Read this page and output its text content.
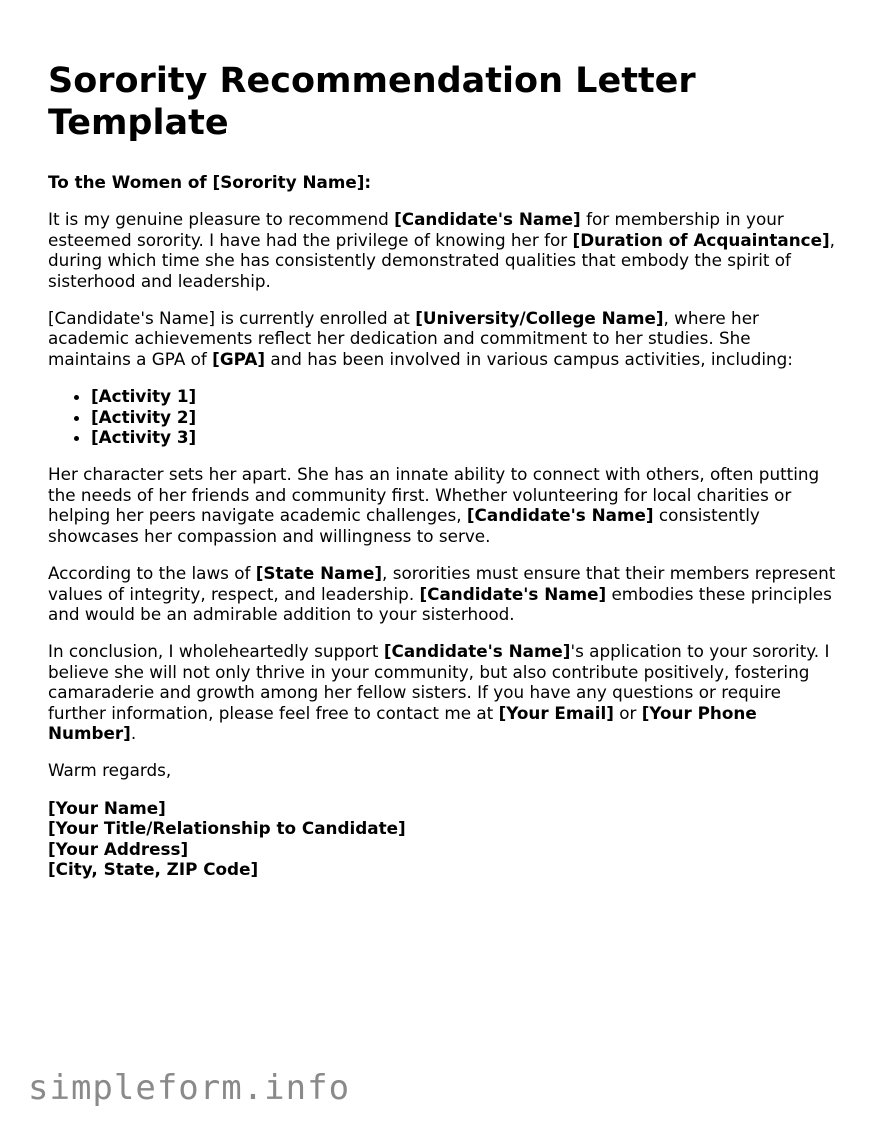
Sorority Recommendation Letter Template

To the Women of [Sorority Name]:

It is my genuine pleasure to recommend [Candidate's Name] for membership in your esteemed sorority. I have had the privilege of knowing her for [Duration of Acquaintance], during which time she has consistently demonstrated qualities that embody the spirit of sisterhood and leadership.

[Candidate's Name] is currently enrolled at [University/College Name], where her academic achievements reflect her dedication and commitment to her studies. She maintains a GPA of [GPA] and has been involved in various campus activities, including:

• [Activity 1]
• [Activity 2]
• [Activity 3]

Her character sets her apart. She has an innate ability to connect with others, often putting the needs of her friends and community first. Whether volunteering for local charities or helping her peers navigate academic challenges, [Candidate's Name] consistently showcases her compassion and willingness to serve.

According to the laws of [State Name], sororities must ensure that their members represent values of integrity, respect, and leadership. [Candidate's Name] embodies these principles and would be an admirable addition to your sisterhood.

In conclusion, I wholeheartedly support [Candidate's Name]'s application to your sorority. I believe she will not only thrive in your community, but also contribute positively, fostering camaraderie and growth among her fellow sisters. If you have any questions or require further information, please feel free to contact me at [Your Email] or [Your Phone Number].

Warm regards,

[Your Name]

[Your Title/Relationship to Candidate]

[Your Address]

[City, State, ZIP Code]

simpleform.info
